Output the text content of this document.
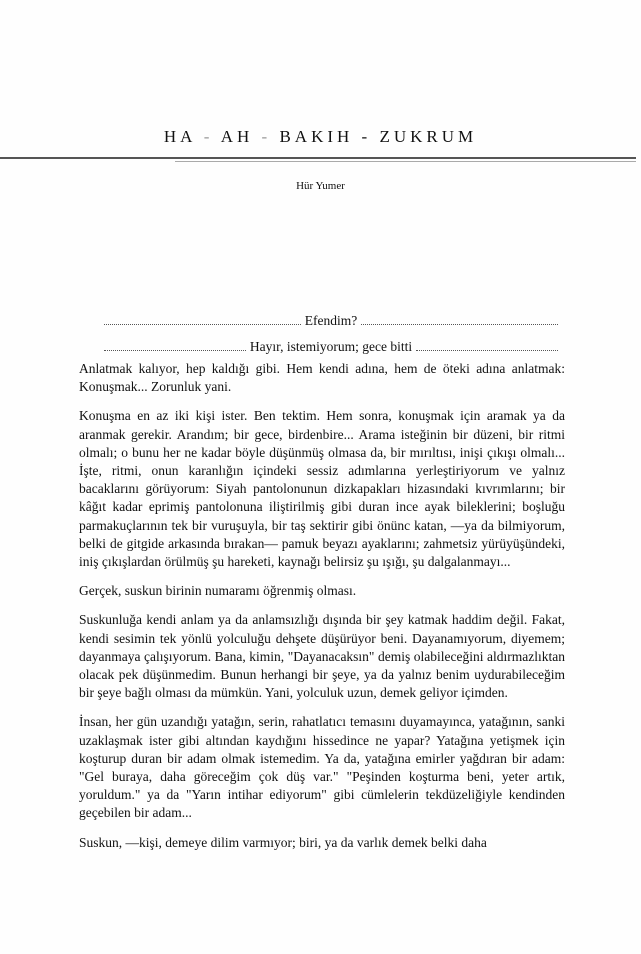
HA - AH - BAKIH - ZUKRUM
Hür Yumer
Efendim?
Hayır, istemiyorum; gece bitti

Anlatmak kalıyor, hep kaldığı gibi. Hem kendi adına, hem de öteki adına anlatmak: Konuşmak... Zorunluk yani.

Konuşma en az iki kişi ister. Ben tektim. Hem sonra, konuşmak için aramak ya da aranmak gerekir. Arandım; bir gece, birdenbire... Arama isteğinin bir düzeni, bir ritmi olmalı; o bunu her ne kadar böyle düşünmüş olmasa da, bir mırıltısı, inişi çıkışı olmalı... İşte, ritmi, onun karanlığın içindeki sessiz adımlarına yerleştiriyorum ve yalnız bacaklarını görüyorum: Siyah pantolonunun dizkapakları hizasındaki kıvrımlarını; bir kâğıt kadar eprimiş pantolonuna iliştirilmiş gibi duran ince ayak bileklerini; boşluğu parmakuçlarının tek bir vuruşuyla, bir taş sektirir gibi önünc katan, —ya da bilmiyorum, belki de gitgide arkasında bırakan— pamuk beyazı ayaklarını; zahmetsiz yürüyüşündeki, iniş çıkışlardan örülmüş şu hareketi, kaynağı belirsiz şu ışığı, şu dalgalanmayı...

Gerçek, suskun birinin numaramı öğrenmiş olması.

Suskunluğa kendi anlam ya da anlamsızlığı dışında bir şey katmak haddim değil. Fakat, kendi sesimin tek yönlü yolculuğu dehşete düşürüyor beni. Dayanamıyorum, diyemem; dayanmaya çalışıyorum. Bana, kimin, "Dayanacaksın" demiş olabileceğini aldırmazlıktan olacak pek düşünmedim. Bunun herhangi bir şeye, ya da yalnız benim uydurabileceğim bir şeye bağlı olması da mümkün. Yani, yolculuk uzun, demek geliyor içimden.

İnsan, her gün uzandığı yatağın, serin, rahatlatıcı temasını duyamayınca, yatağının, sanki uzaklaşmak ister gibi altından kaydığını hissedince ne yapar? Yatağına yetişmek için koşturup duran bir adam olmak istemedim. Ya da, yatağına emirler yağdıran bir adam: "Gel buraya, daha göreceğim çok düş var." "Peşinden koşturma beni, yeter artık, yoruldum." ya da "Yarın intihar ediyorum" gibi cümlelerin tekdüzeliğiyle kendinden geçebilen bir adam...

Suskun, —kişi, demeye dilim varmıyor; biri, ya da varlık demek belki daha
